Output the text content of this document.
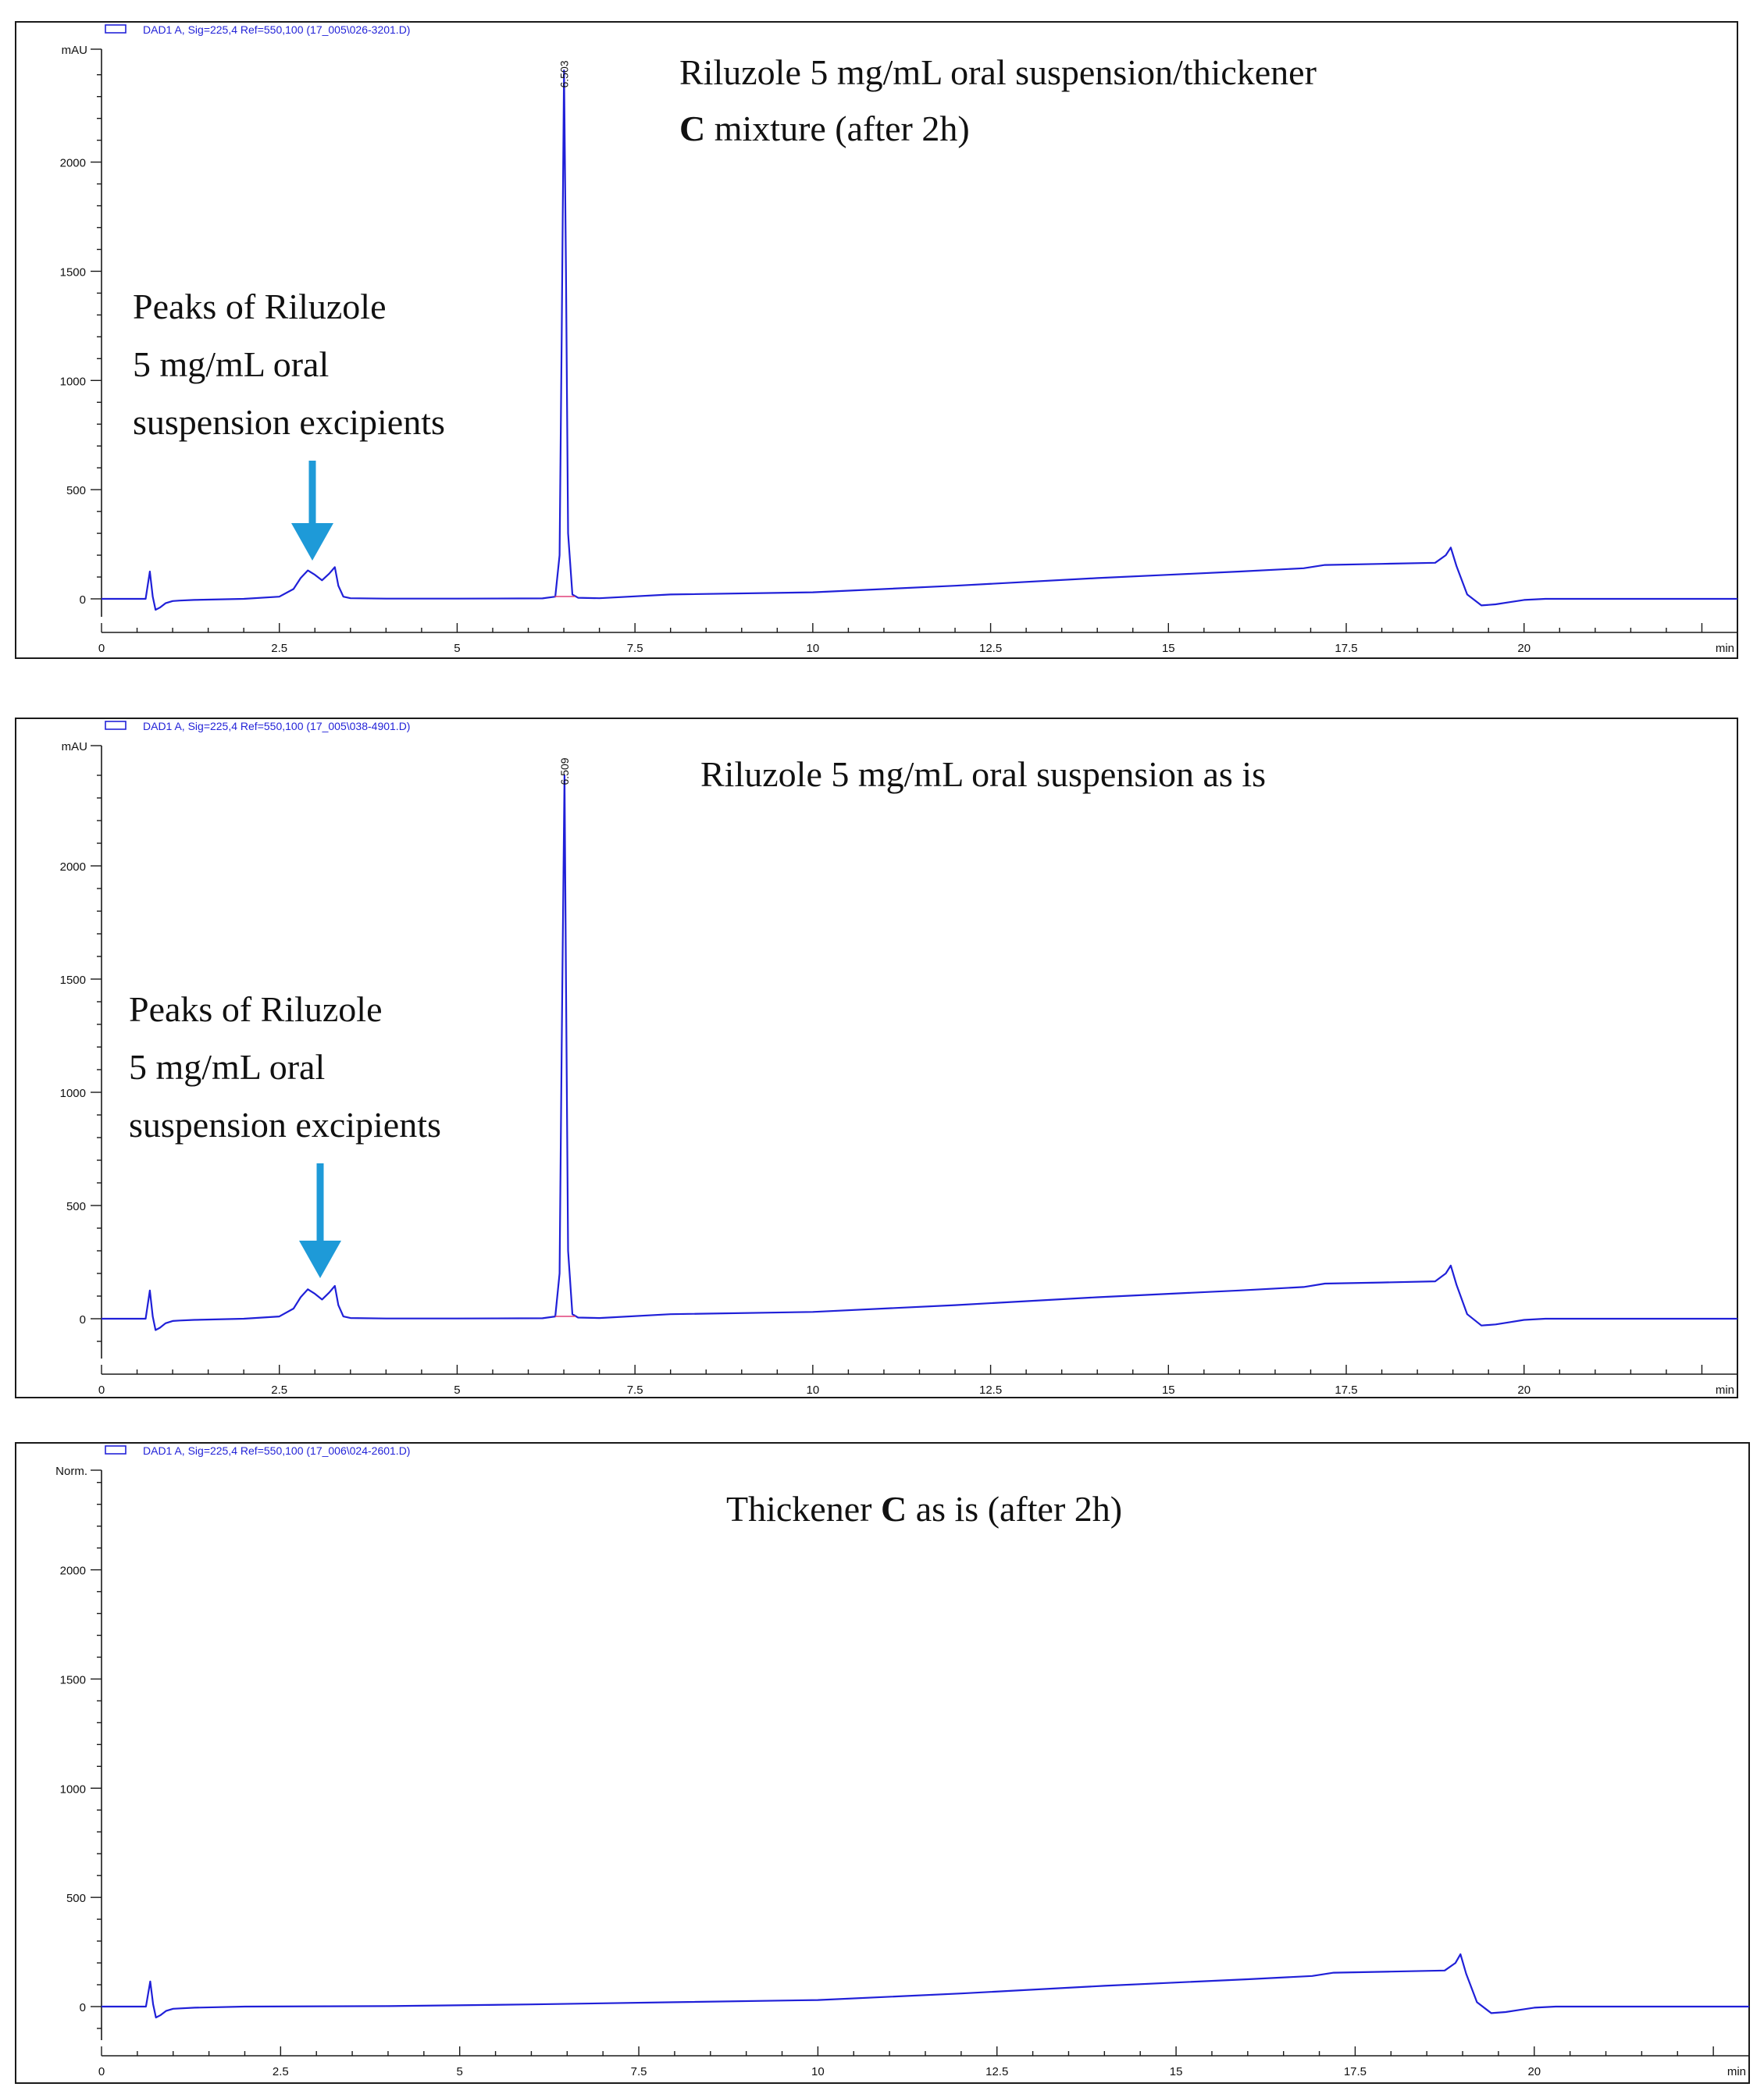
DAD1 A, Sig=225,4 Ref=550,100 (17_005\026-3201.D)
mAU
0
500
1000
1500
2000
0	2.5	5	7.5	10	12.5	15	17.5	20	min
6.503	Riluzole 5 mg/mL oral suspension/thickener
C mixture (after 2h)
Peaks of Riluzole
5 mg/mL oral
suspension excipients
DAD1 A, Sig=225,4 Ref=550,100 (17_005\038-4901.D)
mAU
0
500
1000
1500
2000
0	2.5	5	7.5	10	12.5	15	17.5	20	min
6.509	Riluzole 5 mg/mL oral suspension as is
Peaks of Riluzole
5 mg/mL oral
suspension excipients
DAD1 A, Sig=225,4 Ref=550,100 (17_006\024-2601.D)
Norm.
0
500
1000
1500
2000
0	2.5	5	7.5	10	12.5	15	17.5	20	min
Thickener C as is (after 2h)
